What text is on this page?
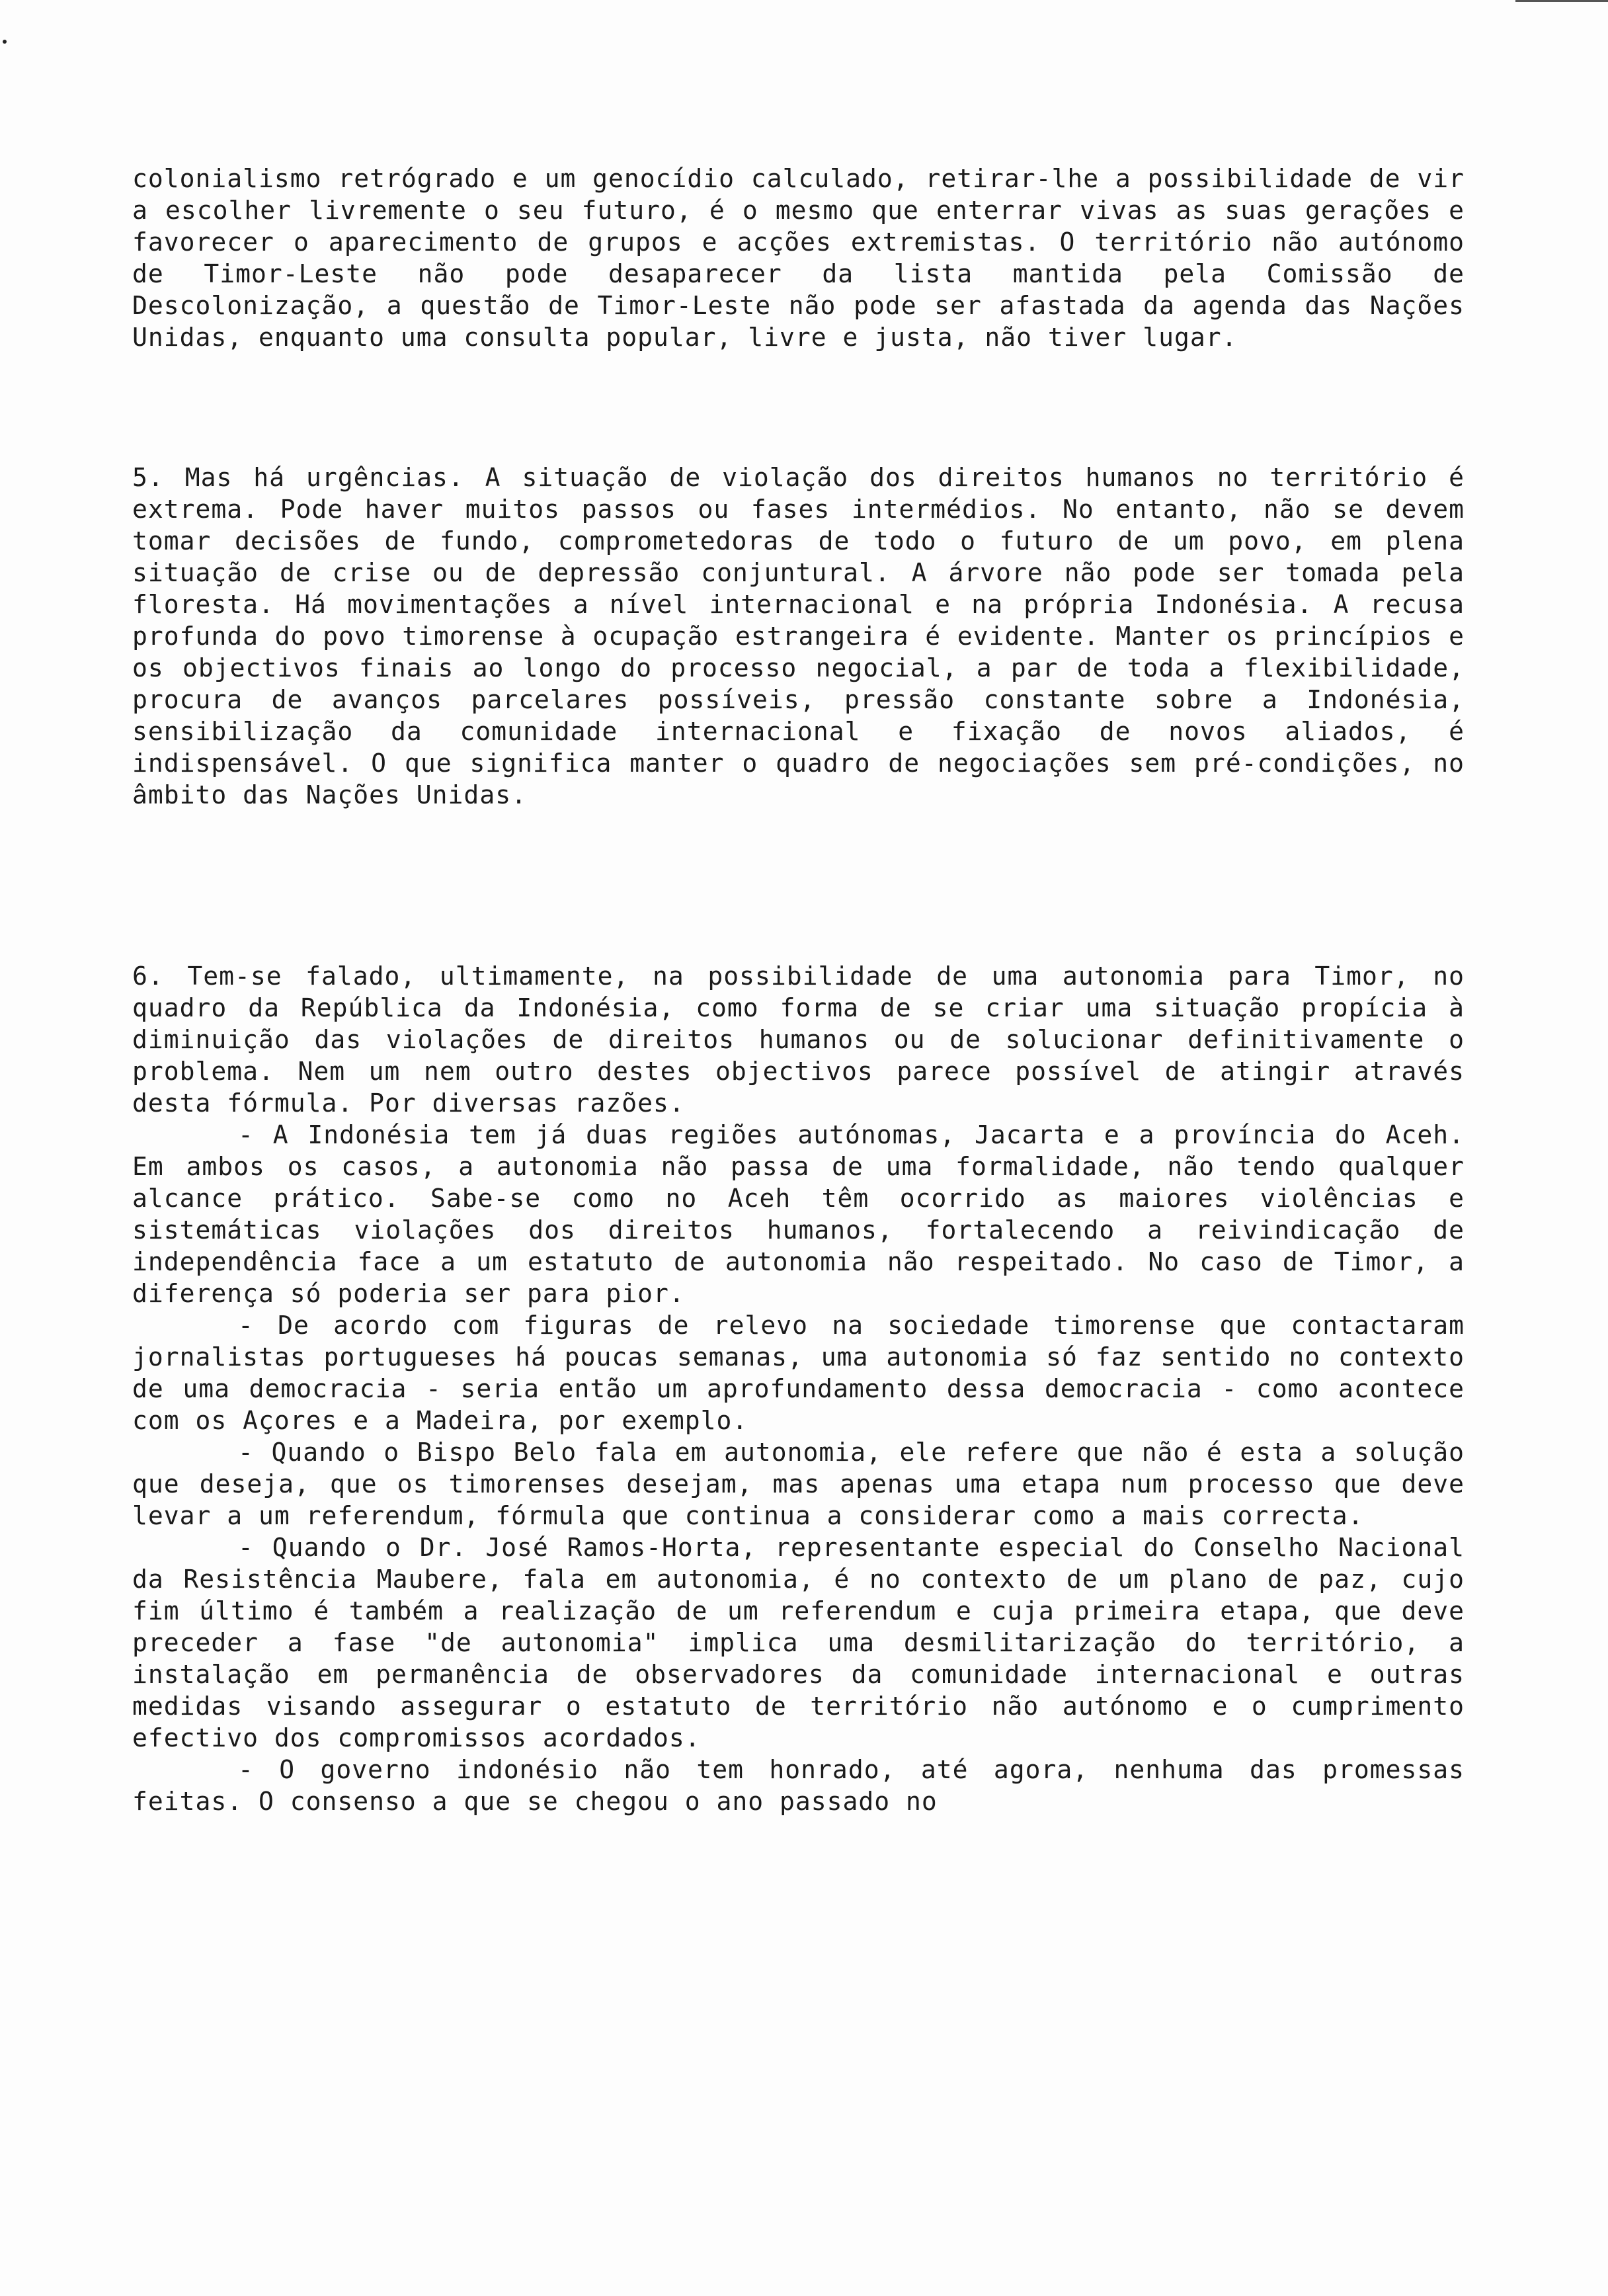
colonialismo retrógrado e um genocídio calculado, retirar-lhe a possibilidade de vir a escolher livremente o seu futuro, é o mesmo que enterrar vivas as suas gerações e favorecer o aparecimento de grupos e acções extremistas. O território não autónomo de Timor-Leste não pode desaparecer da lista mantida pela Comissão de Descolonização, a questão de Timor-Leste não pode ser afastada da agenda das Nações Unidas, enquanto uma consulta popular, livre e justa, não tiver lugar.

5. Mas há urgências. A situação de violação dos direitos humanos no território é extrema. Pode haver muitos passos ou fases intermédios. No entanto, não se devem tomar decisões de fundo, comprometedoras de todo o futuro de um povo, em plena situação de crise ou de depressão conjuntural. A árvore não pode ser tomada pela floresta. Há movimentações a nível internacional e na própria Indonésia. A recusa profunda do povo timorense à ocupação estrangeira é evidente. Manter os princípios e os objectivos finais ao longo do processo negocial, a par de toda a flexibilidade, procura de avanços parcelares possíveis, pressão constante sobre a Indonésia, sensibilização da comunidade internacional e fixação de novos aliados, é indispensável. O que significa manter o quadro de negociações sem pré-condições, no âmbito das Nações Unidas.

6. Tem-se falado, ultimamente, na possibilidade de uma autonomia para Timor, no quadro da República da Indonésia, como forma de se criar uma situação propícia à diminuição das violações de direitos humanos ou de solucionar definitivamente o problema. Nem um nem outro destes objectivos parece possível de atingir através desta fórmula. Por diversas razões.

- A Indonésia tem já duas regiões autónomas, Jacarta e a província do Aceh. Em ambos os casos, a autonomia não passa de uma formalidade, não tendo qualquer alcance prático. Sabe-se como no Aceh têm ocorrido as maiores violências e sistemáticas violações dos direitos humanos, fortalecendo a reivindicação de independência face a um estatuto de autonomia não respeitado. No caso de Timor, a diferença só poderia ser para pior.

- De acordo com figuras de relevo na sociedade timorense que contactaram jornalistas portugueses há poucas semanas, uma autonomia só faz sentido no contexto de uma democracia - seria então um aprofundamento dessa democracia - como acontece com os Açores e a Madeira, por exemplo.

- Quando o Bispo Belo fala em autonomia, ele refere que não é esta a solução que deseja, que os timorenses desejam, mas apenas uma etapa num processo que deve levar a um referendum, fórmula que continua a considerar como a mais correcta.

- Quando o Dr. José Ramos-Horta, representante especial do Conselho Nacional da Resistência Maubere, fala em autonomia, é no contexto de um plano de paz, cujo fim último é também a realização de um referendum e cuja primeira etapa, que deve preceder a fase "de autonomia" implica uma desmilitarização do território, a instalação em permanência de observadores da comunidade internacional e outras medidas visando assegurar o estatuto de território não autónomo e o cumprimento efectivo dos compromissos acordados.

- O governo indonésio não tem honrado, até agora, nenhuma das promessas feitas. O consenso a que se chegou o ano passado no
